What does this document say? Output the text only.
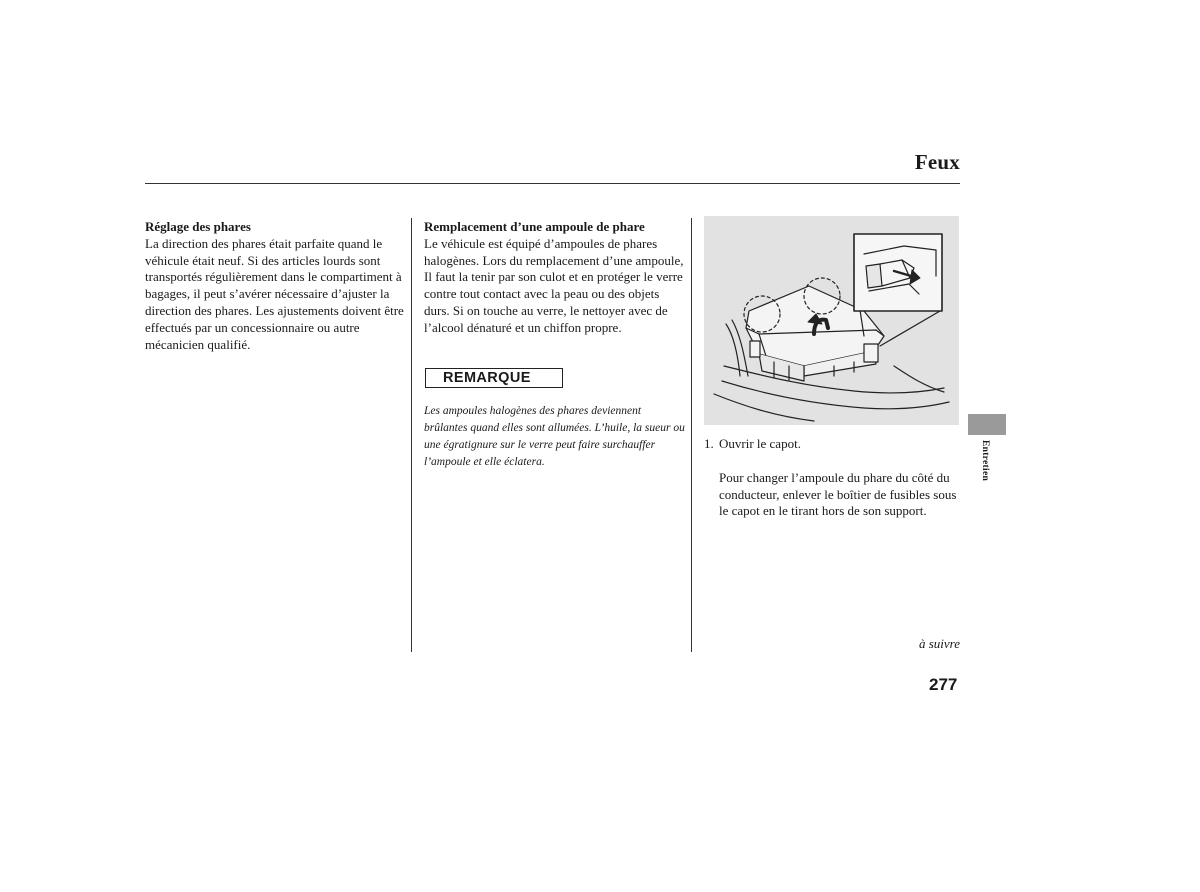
Feux

Réglage des phares

La direction des phares était parfaite quand le véhicule était neuf. Si des articles lourds sont transportés régulièrement dans le compartiment à bagages, il peut s’avérer nécessaire d’ajuster la direction des phares. Les ajustements doivent être effectués par un concessionnaire ou autre mécanicien qualifié.

Remplacement d’une ampoule de phare

Le véhicule est équipé d’ampoules de phares halogènes. Lors du remplacement d’une ampoule, Il faut la tenir par son culot et en protéger le verre contre tout contact avec la peau ou des objets durs. Si on touche au verre, le nettoyer avec de l’alcool dénaturé et un chiffon propre.

REMARQUE
Les ampoules halogènes des phares deviennent brûlantes quand elles sont allumées. L’huile, la sueur ou une égratignure sur le verre peut faire surchauffer l’ampoule et elle éclatera.
1. Ouvrir le capot.

Pour changer l’ampoule du phare du côté du conducteur, enlever le boîtier de fusibles sous le capot en le tirant hors de son support.

à suivre
277
Entretien
